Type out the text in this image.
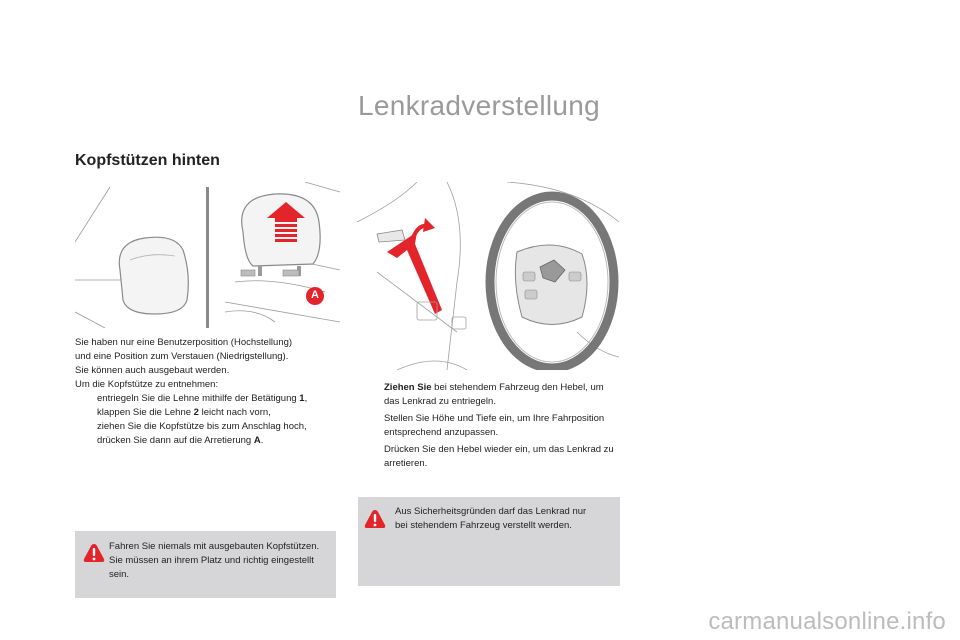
Lenkradverstellung
Kopfstützen hinten
A
Sie haben nur eine Benutzerposition (Hochstellung)
und eine Position zum Verstauen (Niedrigstellung).
Sie können auch ausgebaut werden.
Um die Kopfstütze zu entnehmen:
entriegeln Sie die Lehne mithilfe der Betätigung 1,
klappen Sie die Lehne 2 leicht nach vorn,
ziehen Sie die Kopfstütze bis zum Anschlag hoch,
drücken Sie dann auf die Arretierung A.
Ziehen Sie bei stehendem Fahrzeug den Hebel, um das Lenkrad zu entriegeln.
Stellen Sie Höhe und Tiefe ein, um Ihre Fahrposition entsprechend anzupassen.
Drücken Sie den Hebel wieder ein, um das Lenkrad zu arretieren.
Fahren Sie niemals mit ausgebauten Kopfstützen. Sie müssen an ihrem Platz und richtig eingestellt sein.
Aus Sicherheitsgründen darf das Lenkrad nur bei stehendem Fahrzeug verstellt werden.
carmanualsonline.info
